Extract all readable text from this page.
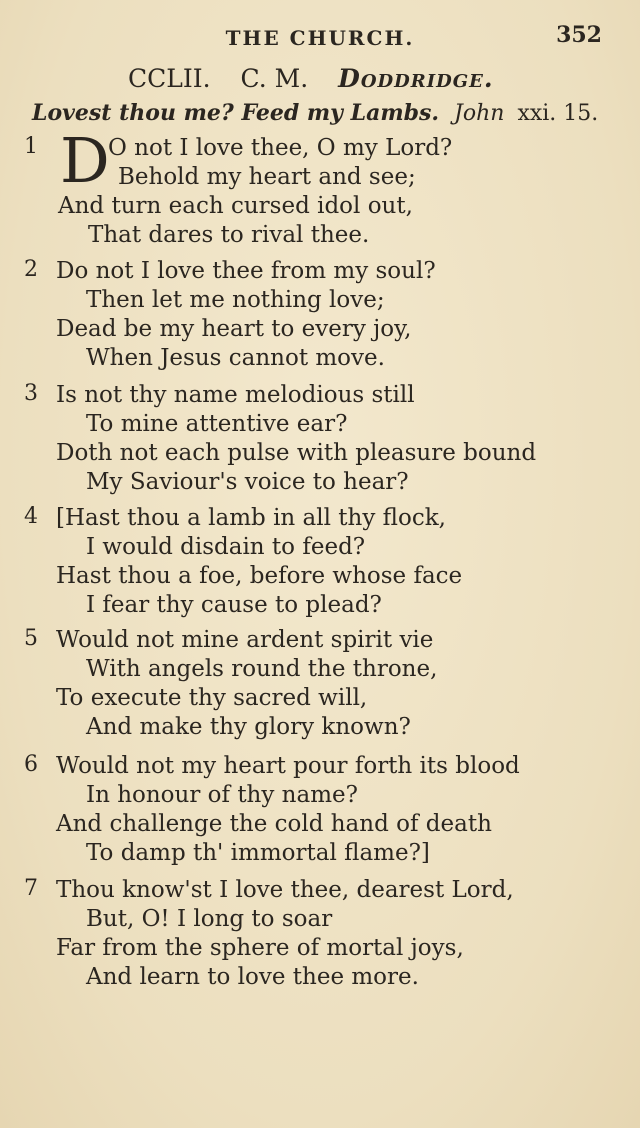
THE CHURCH.	352
CCLII. C. M. Doddridge.
Lovest thou me? Feed my Lambs. John xxi. 15.
1 D
O not I love thee, O my Lord?
Behold my heart and see;
And turn each cursed idol out,
That dares to rival thee.
2 Do not I love thee from my soul?
Then let me nothing love;
Dead be my heart to every joy,
When Jesus cannot move.
3 Is not thy name melodious still
To mine attentive ear?
Doth not each pulse with pleasure bound
My Saviour's voice to hear?
4 [Hast thou a lamb in all thy flock,
I would disdain to feed?
Hast thou a foe, before whose face
I fear thy cause to plead?
5 Would not mine ardent spirit vie
With angels round the throne,
To execute thy sacred will,
And make thy glory known?
6 Would not my heart pour forth its blood
In honour of thy name?
And challenge the cold hand of death
To damp th' immortal flame?]
7 Thou know'st I love thee, dearest Lord,
But, O! I long to soar
Far from the sphere of mortal joys,
And learn to love thee more.
